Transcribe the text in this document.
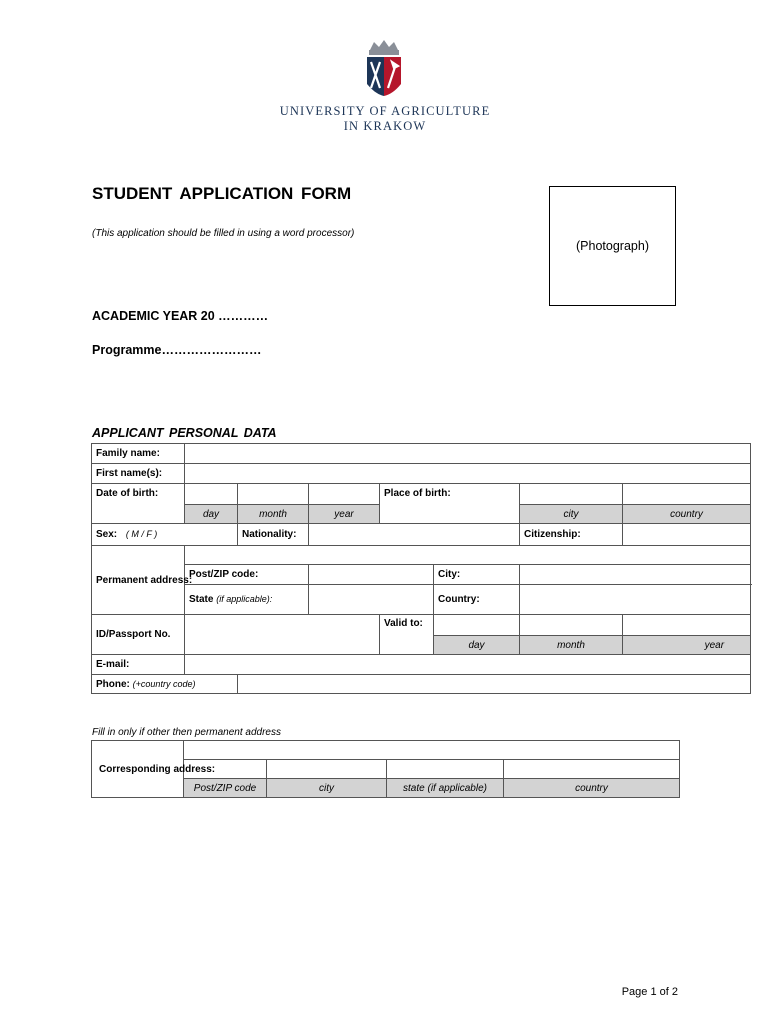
UNIVERSITY OF AGRICULTURE
IN KRAKOW
STUDENT APPLICATION FORM
(This application should be filled in using a word processor)
(Photograph)
ACADEMIC YEAR 20 …………
Programme……………………
APPLICANT PERSONAL DATA
Family name:							
First name(s):							
Date of birth:				Place of birth:			
	day	month	year			city	country
Sex: ( M / F )		Nationality:				Citizenship:	
Permanent address:							
	Post/ZIP code:				City:		
	State (if applicable):				Country:		
ID/Passport No.				Valid to:			
					day	month	year
E-mail:							
Phone: (+country code)							
Fill in only if other then permanent address
Corresponding address:				

	Post/ZIP code	city	state (if applicable)	country
Page 1 of 2
